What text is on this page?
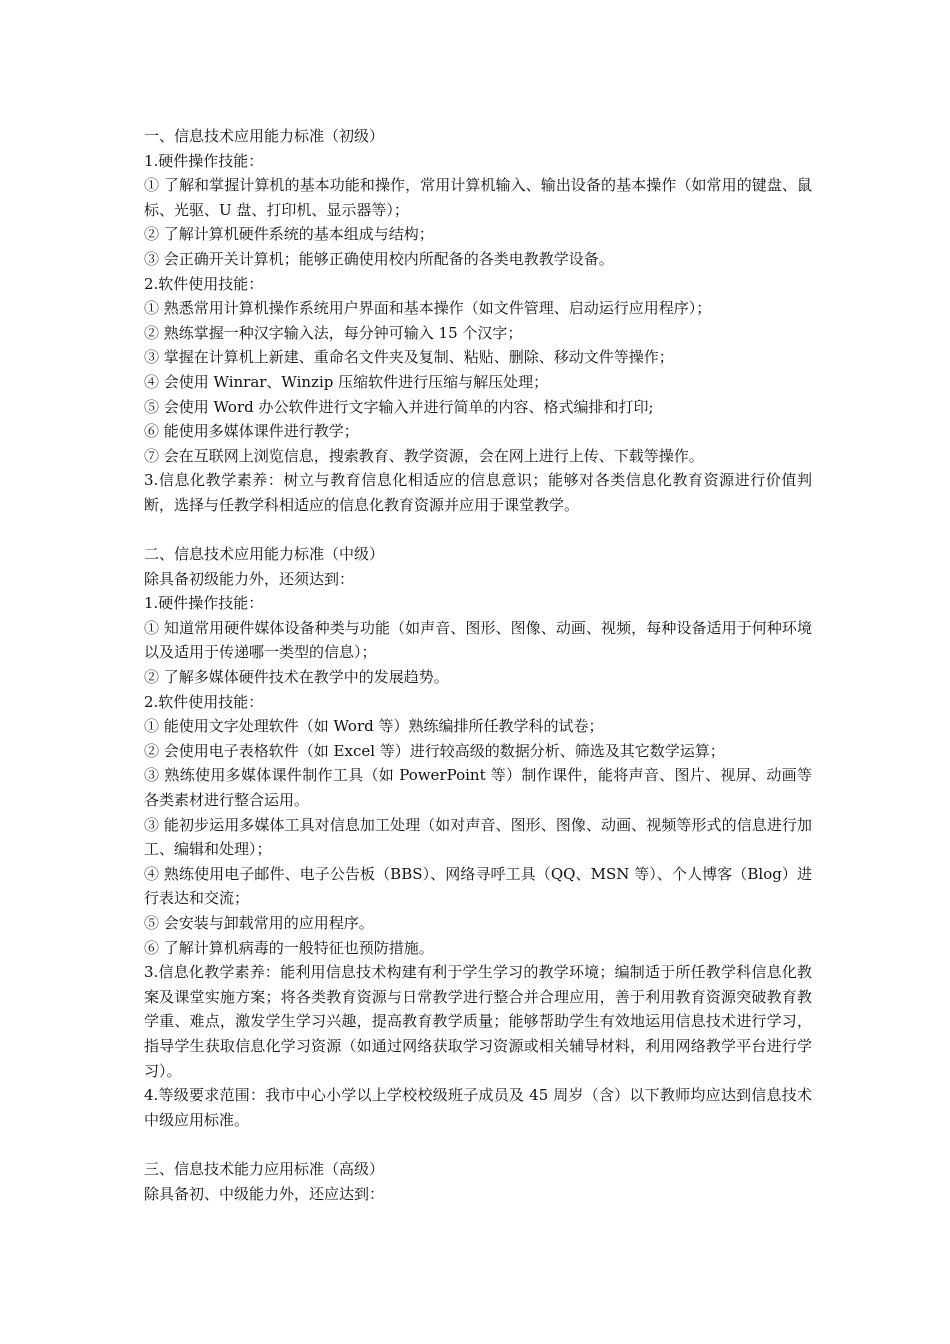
一、信息技术应用能力标准（初级）

1.硬件操作技能：

① 了解和掌握计算机的基本功能和操作，常用计算机输入、输出设备的基本操作（如常用的键盘、鼠标、光驱、U 盘、打印机、显示器等）；

② 了解计算机硬件系统的基本组成与结构；

③ 会正确开关计算机；能够正确使用校内所配备的各类电教教学设备。

2.软件使用技能：

① 熟悉常用计算机操作系统用户界面和基本操作（如文件管理、启动运行应用程序）；

② 熟练掌握一种汉字输入法，每分钟可输入 15 个汉字；

③ 掌握在计算机上新建、重命名文件夹及复制、粘贴、删除、移动文件等操作；

④ 会使用 Winrar、Winzip 压缩软件进行压缩与解压处理；

⑤ 会使用 Word 办公软件进行文字输入并进行简单的内容、格式编排和打印;

⑥ 能使用多媒体课件进行教学；

⑦ 会在互联网上浏览信息，搜索教育、教学资源，会在网上进行上传、下载等操作。

3.信息化教学素养：树立与教育信息化相适应的信息意识；能够对各类信息化教育资源进行价值判断，选择与任教学科相适应的信息化教育资源并应用于课堂教学。

二、信息技术应用能力标准（中级）

除具备初级能力外，还须达到：

1.硬件操作技能：

① 知道常用硬件媒体设备种类与功能（如声音、图形、图像、动画、视频，每种设备适用于何种环境以及适用于传递哪一类型的信息）；

② 了解多媒体硬件技术在教学中的发展趋势。

2.软件使用技能：

① 能使用文字处理软件（如 Word 等）熟练编排所任教学科的试卷；

② 会使用电子表格软件（如 Excel 等）进行较高级的数据分析、筛选及其它数学运算；

③ 熟练使用多媒体课件制作工具（如 PowerPoint 等）制作课件，能将声音、图片、视屏、动画等各类素材进行整合运用。

③ 能初步运用多媒体工具对信息加工处理（如对声音、图形、图像、动画、视频等形式的信息进行加工、编辑和处理）；

④ 熟练使用电子邮件、电子公告板（BBS）、网络寻呼工具（QQ、MSN 等）、个人博客（Blog）进行表达和交流；

⑤ 会安装与卸载常用的应用程序。

⑥ 了解计算机病毒的一般特征也预防措施。

3.信息化教学素养：能利用信息技术构建有利于学生学习的教学环境；编制适于所任教学科信息化教案及课堂实施方案；将各类教育资源与日常教学进行整合并合理应用，善于利用教育资源突破教育教学重、难点，激发学生学习兴趣，提高教育教学质量；能够帮助学生有效地运用信息技术进行学习，指导学生获取信息化学习资源（如通过网络获取学习资源或相关辅导材料，利用网络教学平台进行学习）。

4.等级要求范围：我市中心小学以上学校校级班子成员及 45 周岁（含）以下教师均应达到信息技术中级应用标准。

三、信息技术能力应用标准（高级）

除具备初、中级能力外，还应达到：
